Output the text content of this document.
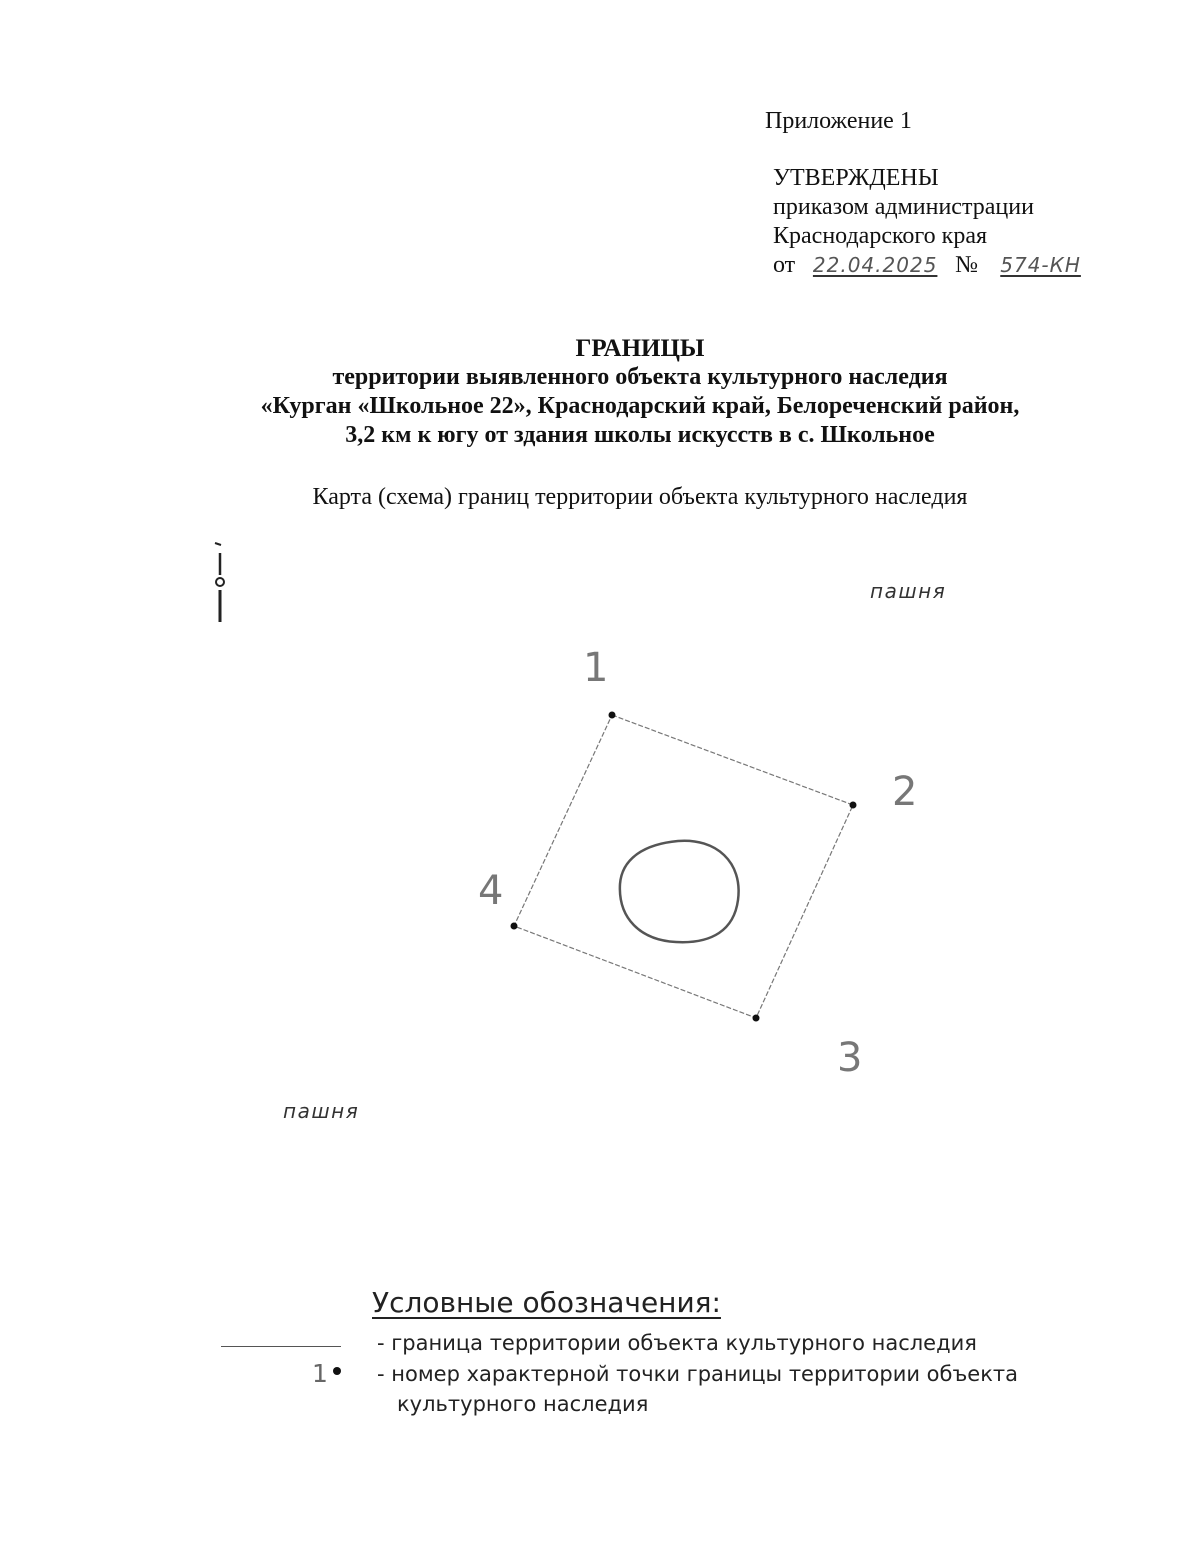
Приложение 1
УТВЕРЖДЕНЫ
приказом администрации
Краснодарского края
от 22.04.2025 № 574-КН
ГРАНИЦЫ
территории выявленного объекта культурного наследия
«Курган «Школьное 22», Краснодарский край, Белореченский район,
3,2 км к югу от здания школы искусств в с. Школьное
Карта (схема) границ территории объекта культурного наследия
пашня
пашня
1
2
3
4
Условные обозначения:
- граница территории объекта культурного наследия
1 - номер характерной точки границы территории объекта
культурного наследия
